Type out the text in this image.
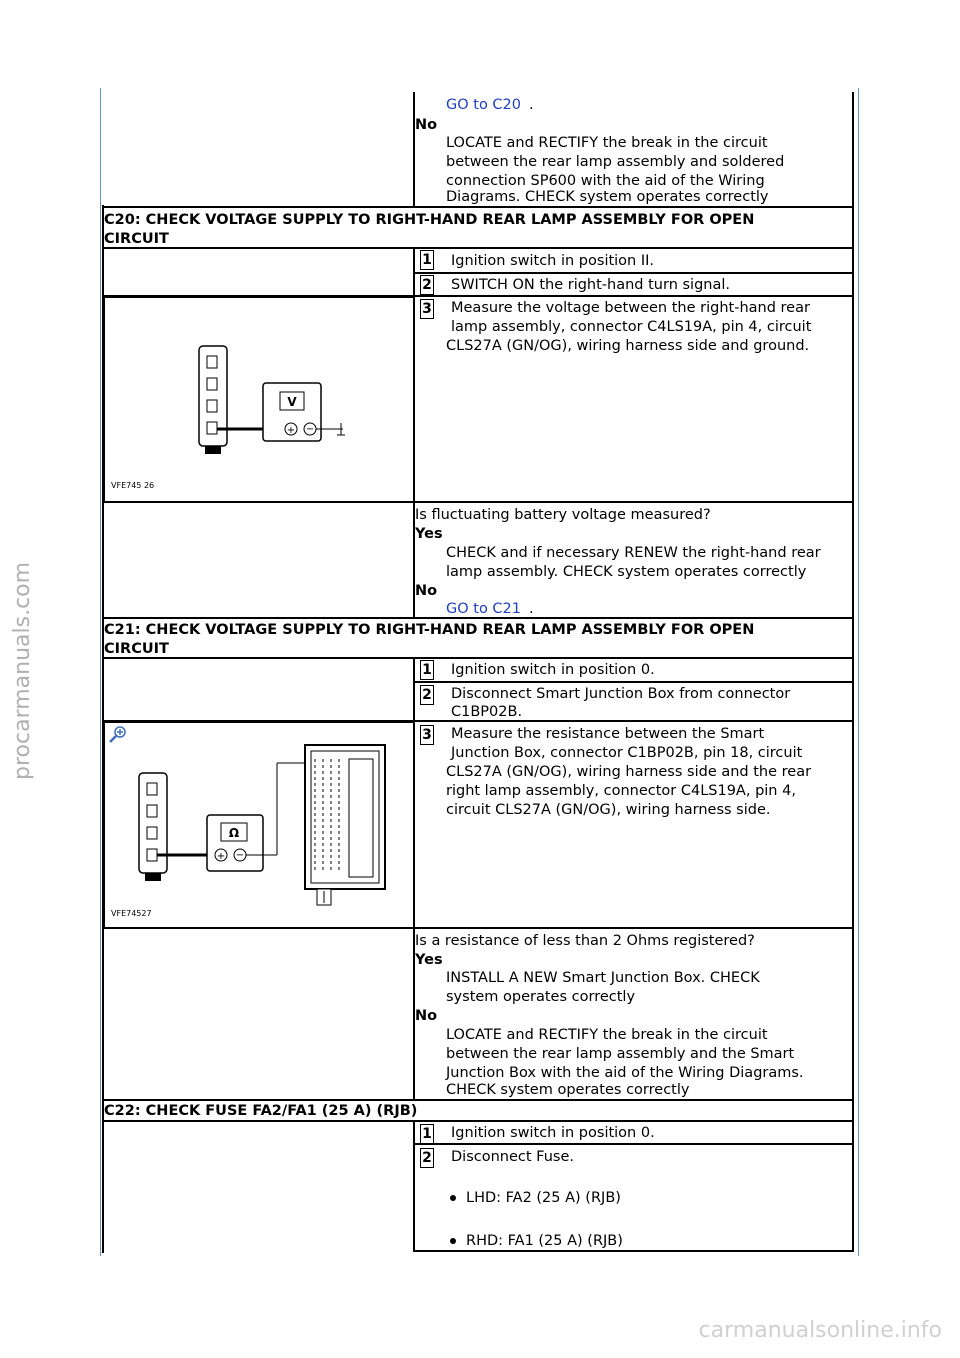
GO to C20 .
No
LOCATE and RECTIFY the break in the circuit
between the rear lamp assembly and soldered
connection SP600 with the aid of the Wiring
Diagrams. CHECK system operates correctly
C20: CHECK VOLTAGE SUPPLY TO RIGHT-HAND REAR LAMP ASSEMBLY FOR OPEN
CIRCUIT
1 Ignition switch in position II.
2 SWITCH ON the right-hand turn signal.
3 Measure the voltage between the right-hand rear
lamp assembly, connector C4LS19A, pin 4, circuit
CLS27A (GN/OG), wiring harness side and ground.
V
+ −
VFE745 26
Is fluctuating battery voltage measured?
Yes
CHECK and if necessary RENEW the right-hand rear
lamp assembly. CHECK system operates correctly
No
GO to C21 .
C21: CHECK VOLTAGE SUPPLY TO RIGHT-HAND REAR LAMP ASSEMBLY FOR OPEN
CIRCUIT
1 Ignition switch in position 0.
2 Disconnect Smart Junction Box from connector
C1BP02B.
3 Measure the resistance between the Smart
Junction Box, connector C1BP02B, pin 18, circuit
CLS27A (GN/OG), wiring harness side and the rear
right lamp assembly, connector C4LS19A, pin 4,
circuit CLS27A (GN/OG), wiring harness side.
Ω
+ −
VFE74527
Is a resistance of less than 2 Ohms registered?
Yes
INSTALL A NEW Smart Junction Box. CHECK
system operates correctly
No
LOCATE and RECTIFY the break in the circuit
between the rear lamp assembly and the Smart
Junction Box with the aid of the Wiring Diagrams.
CHECK system operates correctly
C22: CHECK FUSE FA2/FA1 (25 A) (RJB)
1 Ignition switch in position 0.
2 Disconnect Fuse.
LHD: FA2 (25 A) (RJB)
RHD: FA1 (25 A) (RJB)
procarmanuals.com
carmanualsonline.info
